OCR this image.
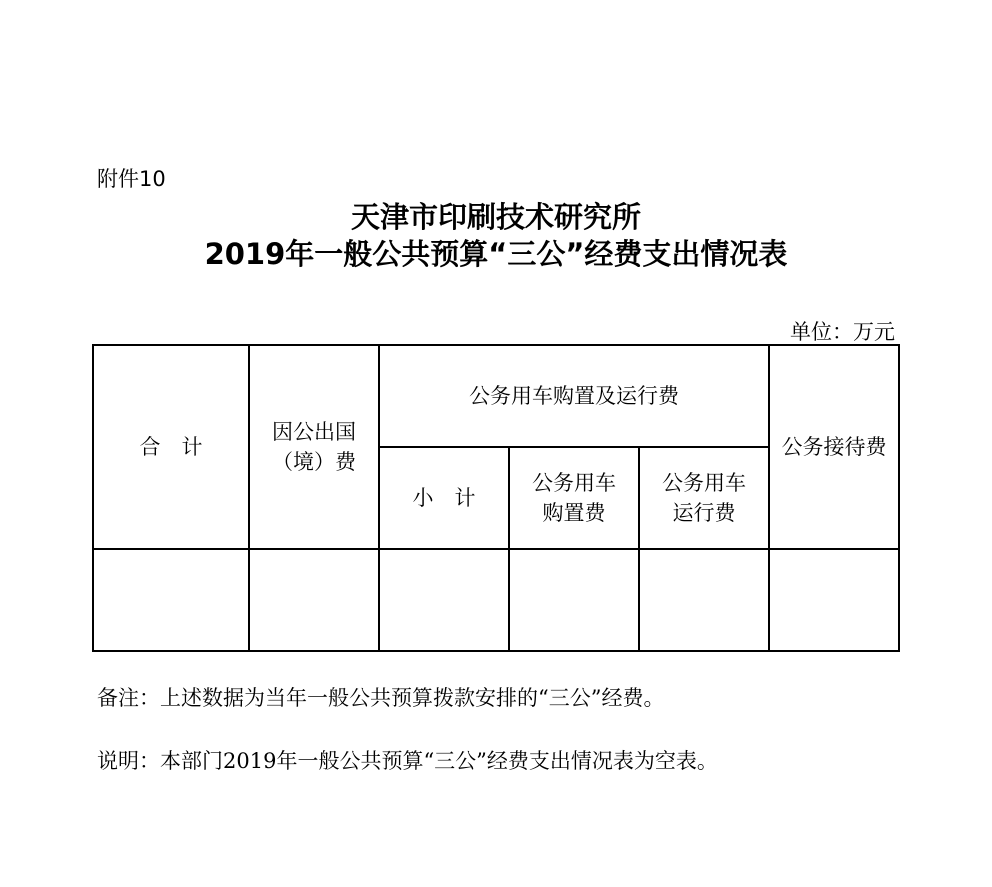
附件10
天津市印刷技术研究所
2019年一般公共预算“三公”经费支出情况表
单位：万元
合　计	因公出国（境）费	公务用车购置及运行费			公务接待费
		小　计	公务用车购置费	公务用车运行费	

备注：上述数据为当年一般公共预算拨款安排的“三公”经费。
说明：本部门2019年一般公共预算“三公”经费支出情况表为空表。
